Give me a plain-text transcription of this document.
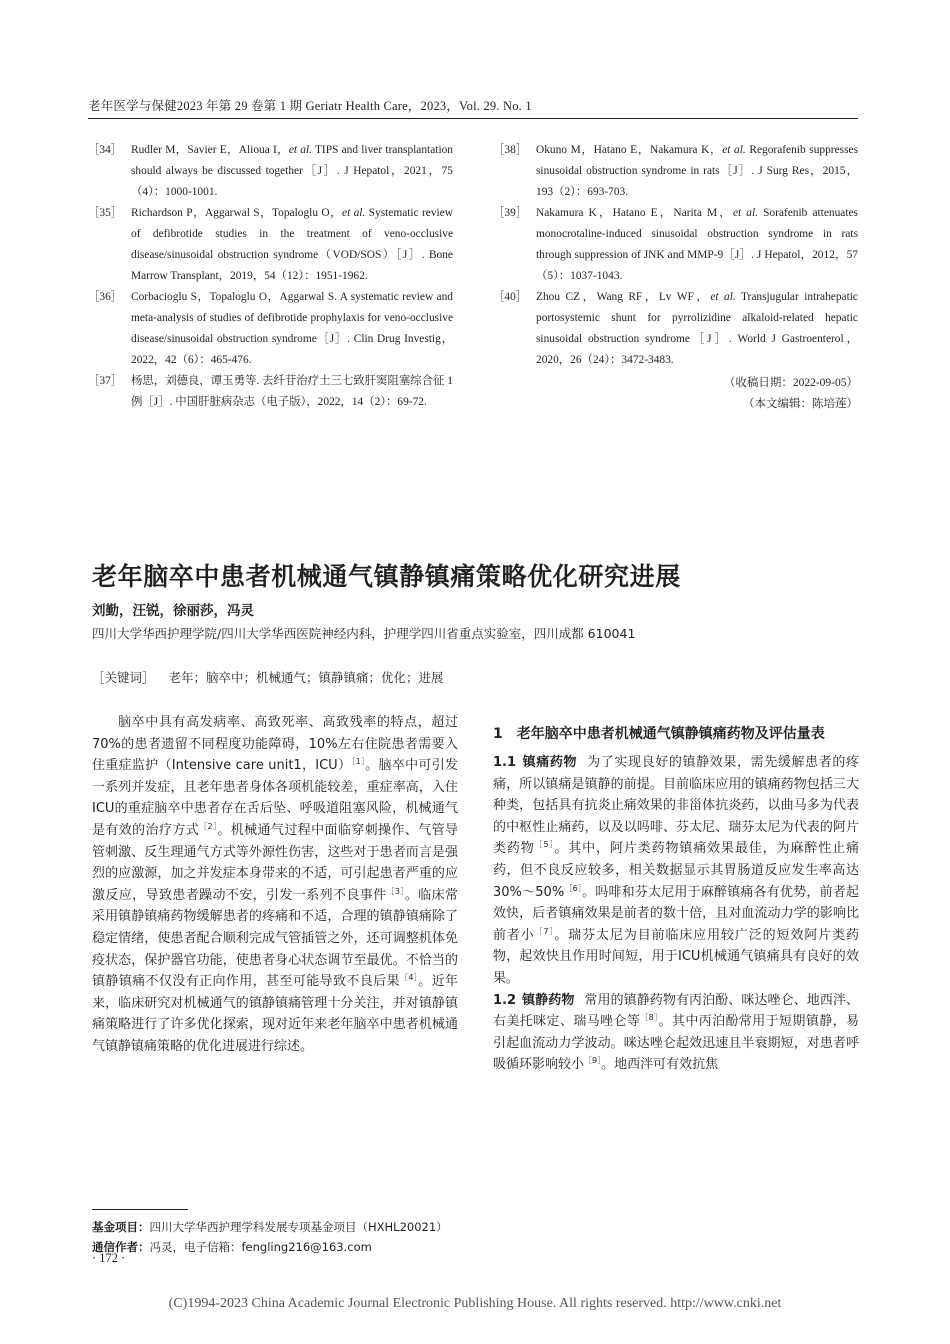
老年医学与保健2023 年第 29 卷第 1 期 Geriatr Health Care，2023，Vol. 29. No. 1

［34］ Rudler M，Savier E，Alioua I，et al. TIPS and liver transplantation should always be discussed together［J］. J Hepatol，2021，75（4）：1000-1001.

［35］ Richardson P，Aggarwal S，Topaloglu O，et al. Systematic review of defibrotide studies in the treatment of veno-occlusive disease/sinusoidal obstruction syndrome（VOD/SOS）［J］. Bone Marrow Transplant，2019，54（12）：1951-1962.

［36］ Corbacioglu S，Topaloglu O，Aggarwal S. A systematic review and meta-analysis of studies of defibrotide prophylaxis for veno-occlusive disease/sinusoidal obstruction syndrome［J］. Clin Drug Investig，2022，42（6）：465-476.

［37］ 杨思，刘德良，谭玉勇等. 去纤苷治疗土三七致肝窦阻塞综合征 1 例［J］. 中国肝脏病杂志（电子版），2022，14（2）：69-72.

［38］ Okuno M，Hatano E，Nakamura K，et al. Regorafenib suppresses sinusoidal obstruction syndrome in rats［J］. J Surg Res，2015，193（2）：693-703.

［39］ Nakamura K，Hatano E，Narita M，et al. Sorafenib attenuates monocrotaline-induced sinusoidal obstruction syndrome in rats through suppression of JNK and MMP-9［J］. J Hepatol，2012，57（5）：1037-1043.

［40］ Zhou CZ，Wang RF，Lv WF，et al. Transjugular intrahepatic portosystemic shunt for pyrrolizidine alkaloid-related hepatic sinusoidal obstruction syndrome［J］. World J Gastroenterol，2020，26（24）：3472-3483.

（收稿日期：2022-09-05）
（本文编辑：陈培莲）
老年脑卒中患者机械通气镇静镇痛策略优化研究进展
刘勤，汪锐，徐丽莎，冯灵
四川大学华西护理学院/四川大学华西医院神经内科，护理学四川省重点实验室，四川成都 610041
［关键词］ 老年；脑卒中；机械通气；镇静镇痛；优化；进展

脑卒中具有高发病率、高致死率、高致残率的特点，超过70%的患者遗留不同程度功能障碍，10%左右住院患者需要入住重症监护（Intensive care unit1，ICU）$^{[1]}$。脑卒中可引发一系列并发症，且老年患者身体各项机能较差，重症率高，入住ICU的重症脑卒中患者存在舌后坠、呼吸道阻塞风险，机械通气是有效的治疗方式$^{[2]}$。机械通气过程中面临穿刺操作、气管导管刺激、反生理通气方式等外源性伤害，这些对于患者而言是强烈的应激源，加之并发症本身带来的不适，可引起患者严重的应激反应，导致患者躁动不安，引发一系列不良事件$^{[3]}$。临床常采用镇静镇痛药物缓解患者的疼痛和不适，合理的镇静镇痛除了稳定情绪，使患者配合顺利完成气管插管之外，还可调整机体免疫状态，保护器官功能，使患者身心状态调节至最优。不恰当的镇静镇痛不仅没有正向作用，甚至可能导致不良后果$^{[4]}$。近年来，临床研究对机械通气的镇静镇痛管理十分关注，并对镇静镇痛策略进行了许多优化探索，现对近年来老年脑卒中患者机械通气镇静镇痛策略的优化进展进行综述。

1 老年脑卒中患者机械通气镇静镇痛药物及评估量表

1.1 镇痛药物 为了实现良好的镇静效果，需先缓解患者的疼痛，所以镇痛是镇静的前提。目前临床应用的镇痛药物包括三大种类，包括具有抗炎止痛效果的非甾体抗炎药，以曲马多为代表的中枢性止痛药，以及以吗啡、芬太尼、瑞芬太尼为代表的阿片类药物$^{[5]}$。其中，阿片类药物镇痛效果最佳，为麻醉性止痛药，但不良反应较多，相关数据显示其胃肠道反应发生率高达30%～50%$^{[6]}$。吗啡和芬太尼用于麻醉镇痛各有优势，前者起效快，后者镇痛效果是前者的数十倍，且对血流动力学的影响比前者小$^{[7]}$。瑞芬太尼为目前临床应用较广泛的短效阿片类药物，起效快且作用时间短，用于ICU机械通气镇痛具有良好的效果。

1.2 镇静药物 常用的镇静药物有丙泊酚、咪达唑仑、地西泮、右美托咪定、瑞马唑仑等$^{[8]}$。其中丙泊酚常用于短期镇静，易引起血流动力学波动。咪达唑仑起效迅速且半衰期短，对患者呼吸循环影响较小$^{[9]}$。地西泮可有效抗焦

基金项目：四川大学华西护理学科发展专项基金项目（HXHL20021）
通信作者：冯灵，电子信箱：fengling216@163.com
· 172 ·
(C)1994-2023 China Academic Journal Electronic Publishing House. All rights reserved. http://www.cnki.net
